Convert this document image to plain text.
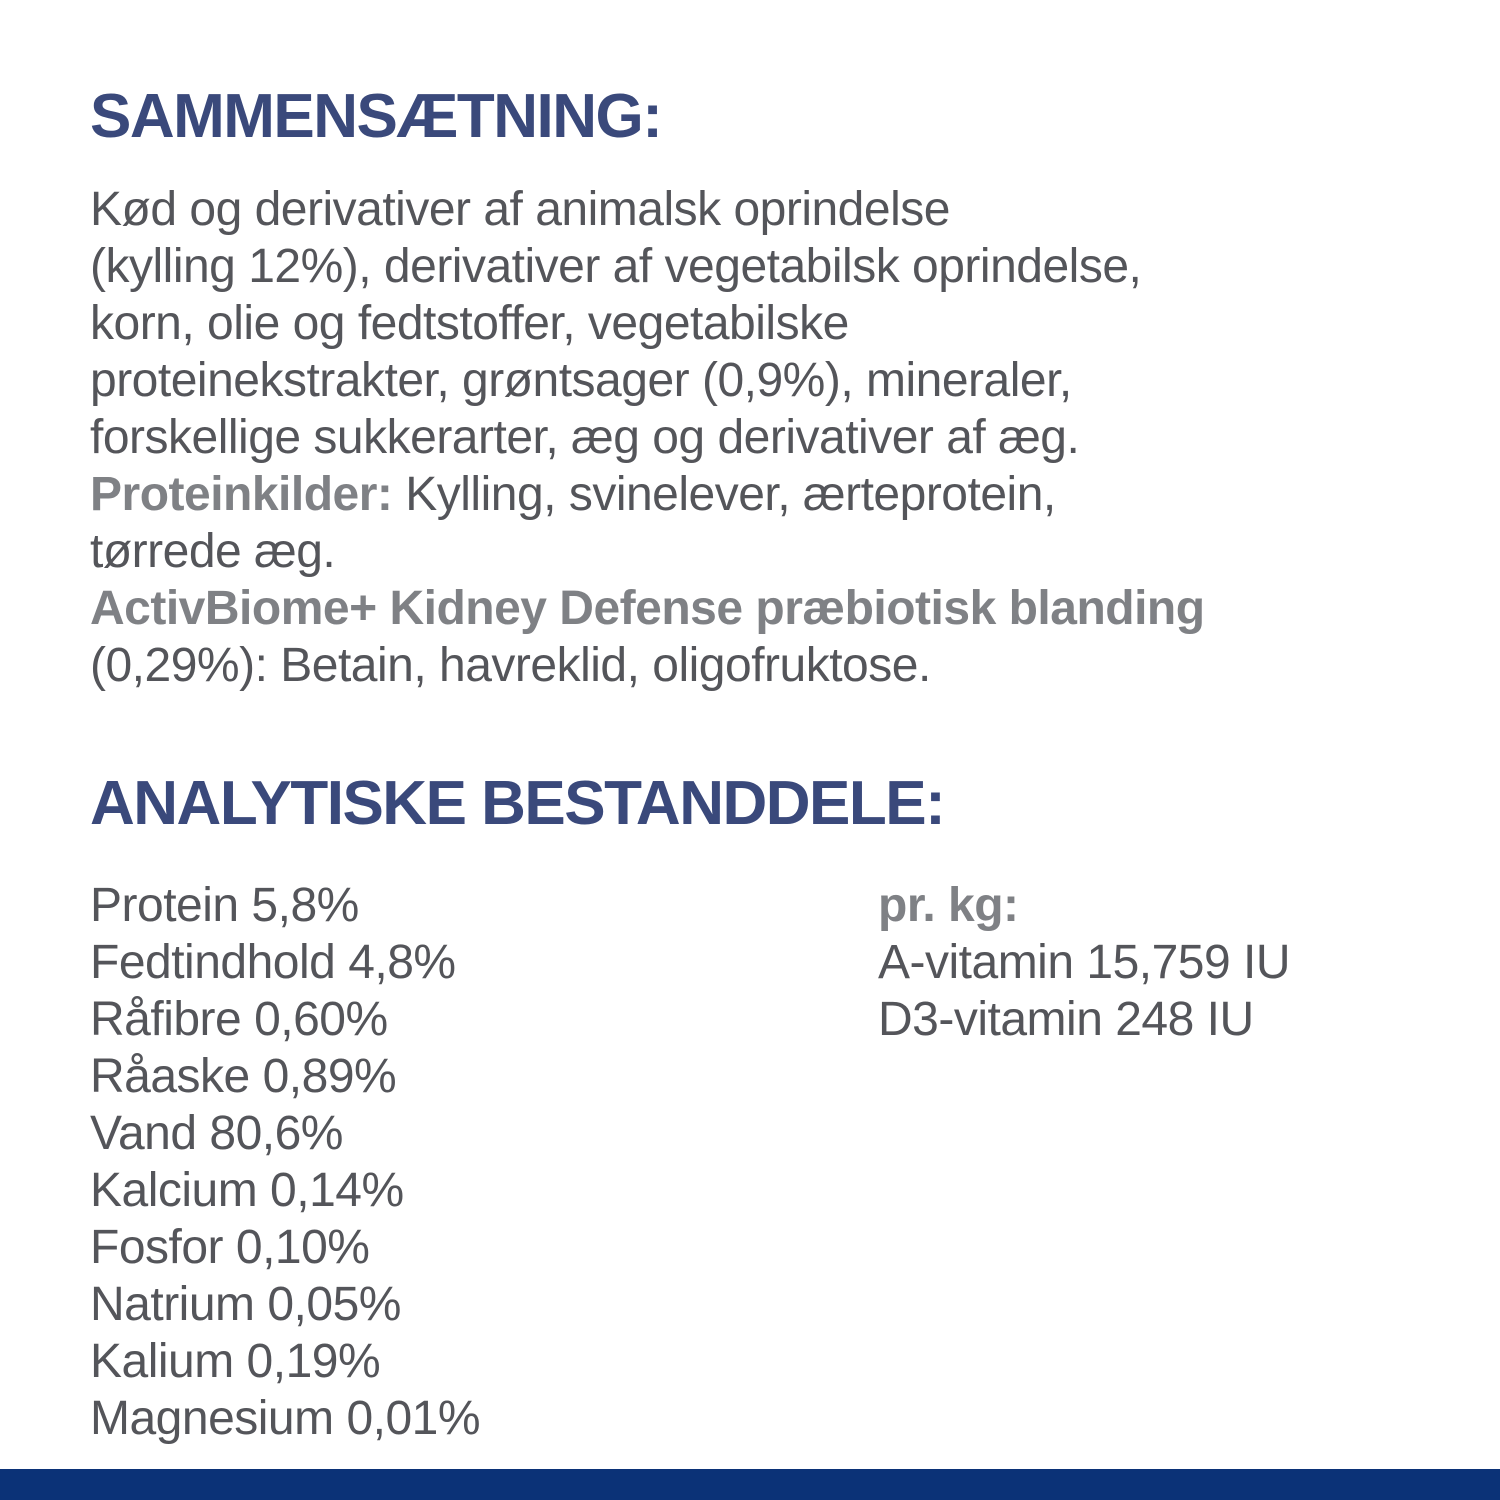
SAMMENSÆTNING:
Kød og derivativer af animalsk oprindelse
(kylling 12%), derivativer af vegetabilsk oprindelse,
korn, olie og fedtstoffer, vegetabilske
proteinekstrakter, grøntsager (0,9%), mineraler,
forskellige sukkerarter, æg og derivativer af æg.
Proteinkilder: Kylling, svinelever, ærteprotein,
tørrede æg.
ActivBiome+ Kidney Defense præbiotisk blanding
(0,29%): Betain, havreklid, oligofruktose.
ANALYTISKE BESTANDDELE:
Protein 5,8%
Fedtindhold 4,8%
Råfibre 0,60%
Råaske 0,89%
Vand 80,6%
Kalcium 0,14%
Fosfor 0,10%
Natrium 0,05%
Kalium 0,19%
Magnesium 0,01%
pr. kg:
A-vitamin 15,759 IU
D3-vitamin 248 IU
